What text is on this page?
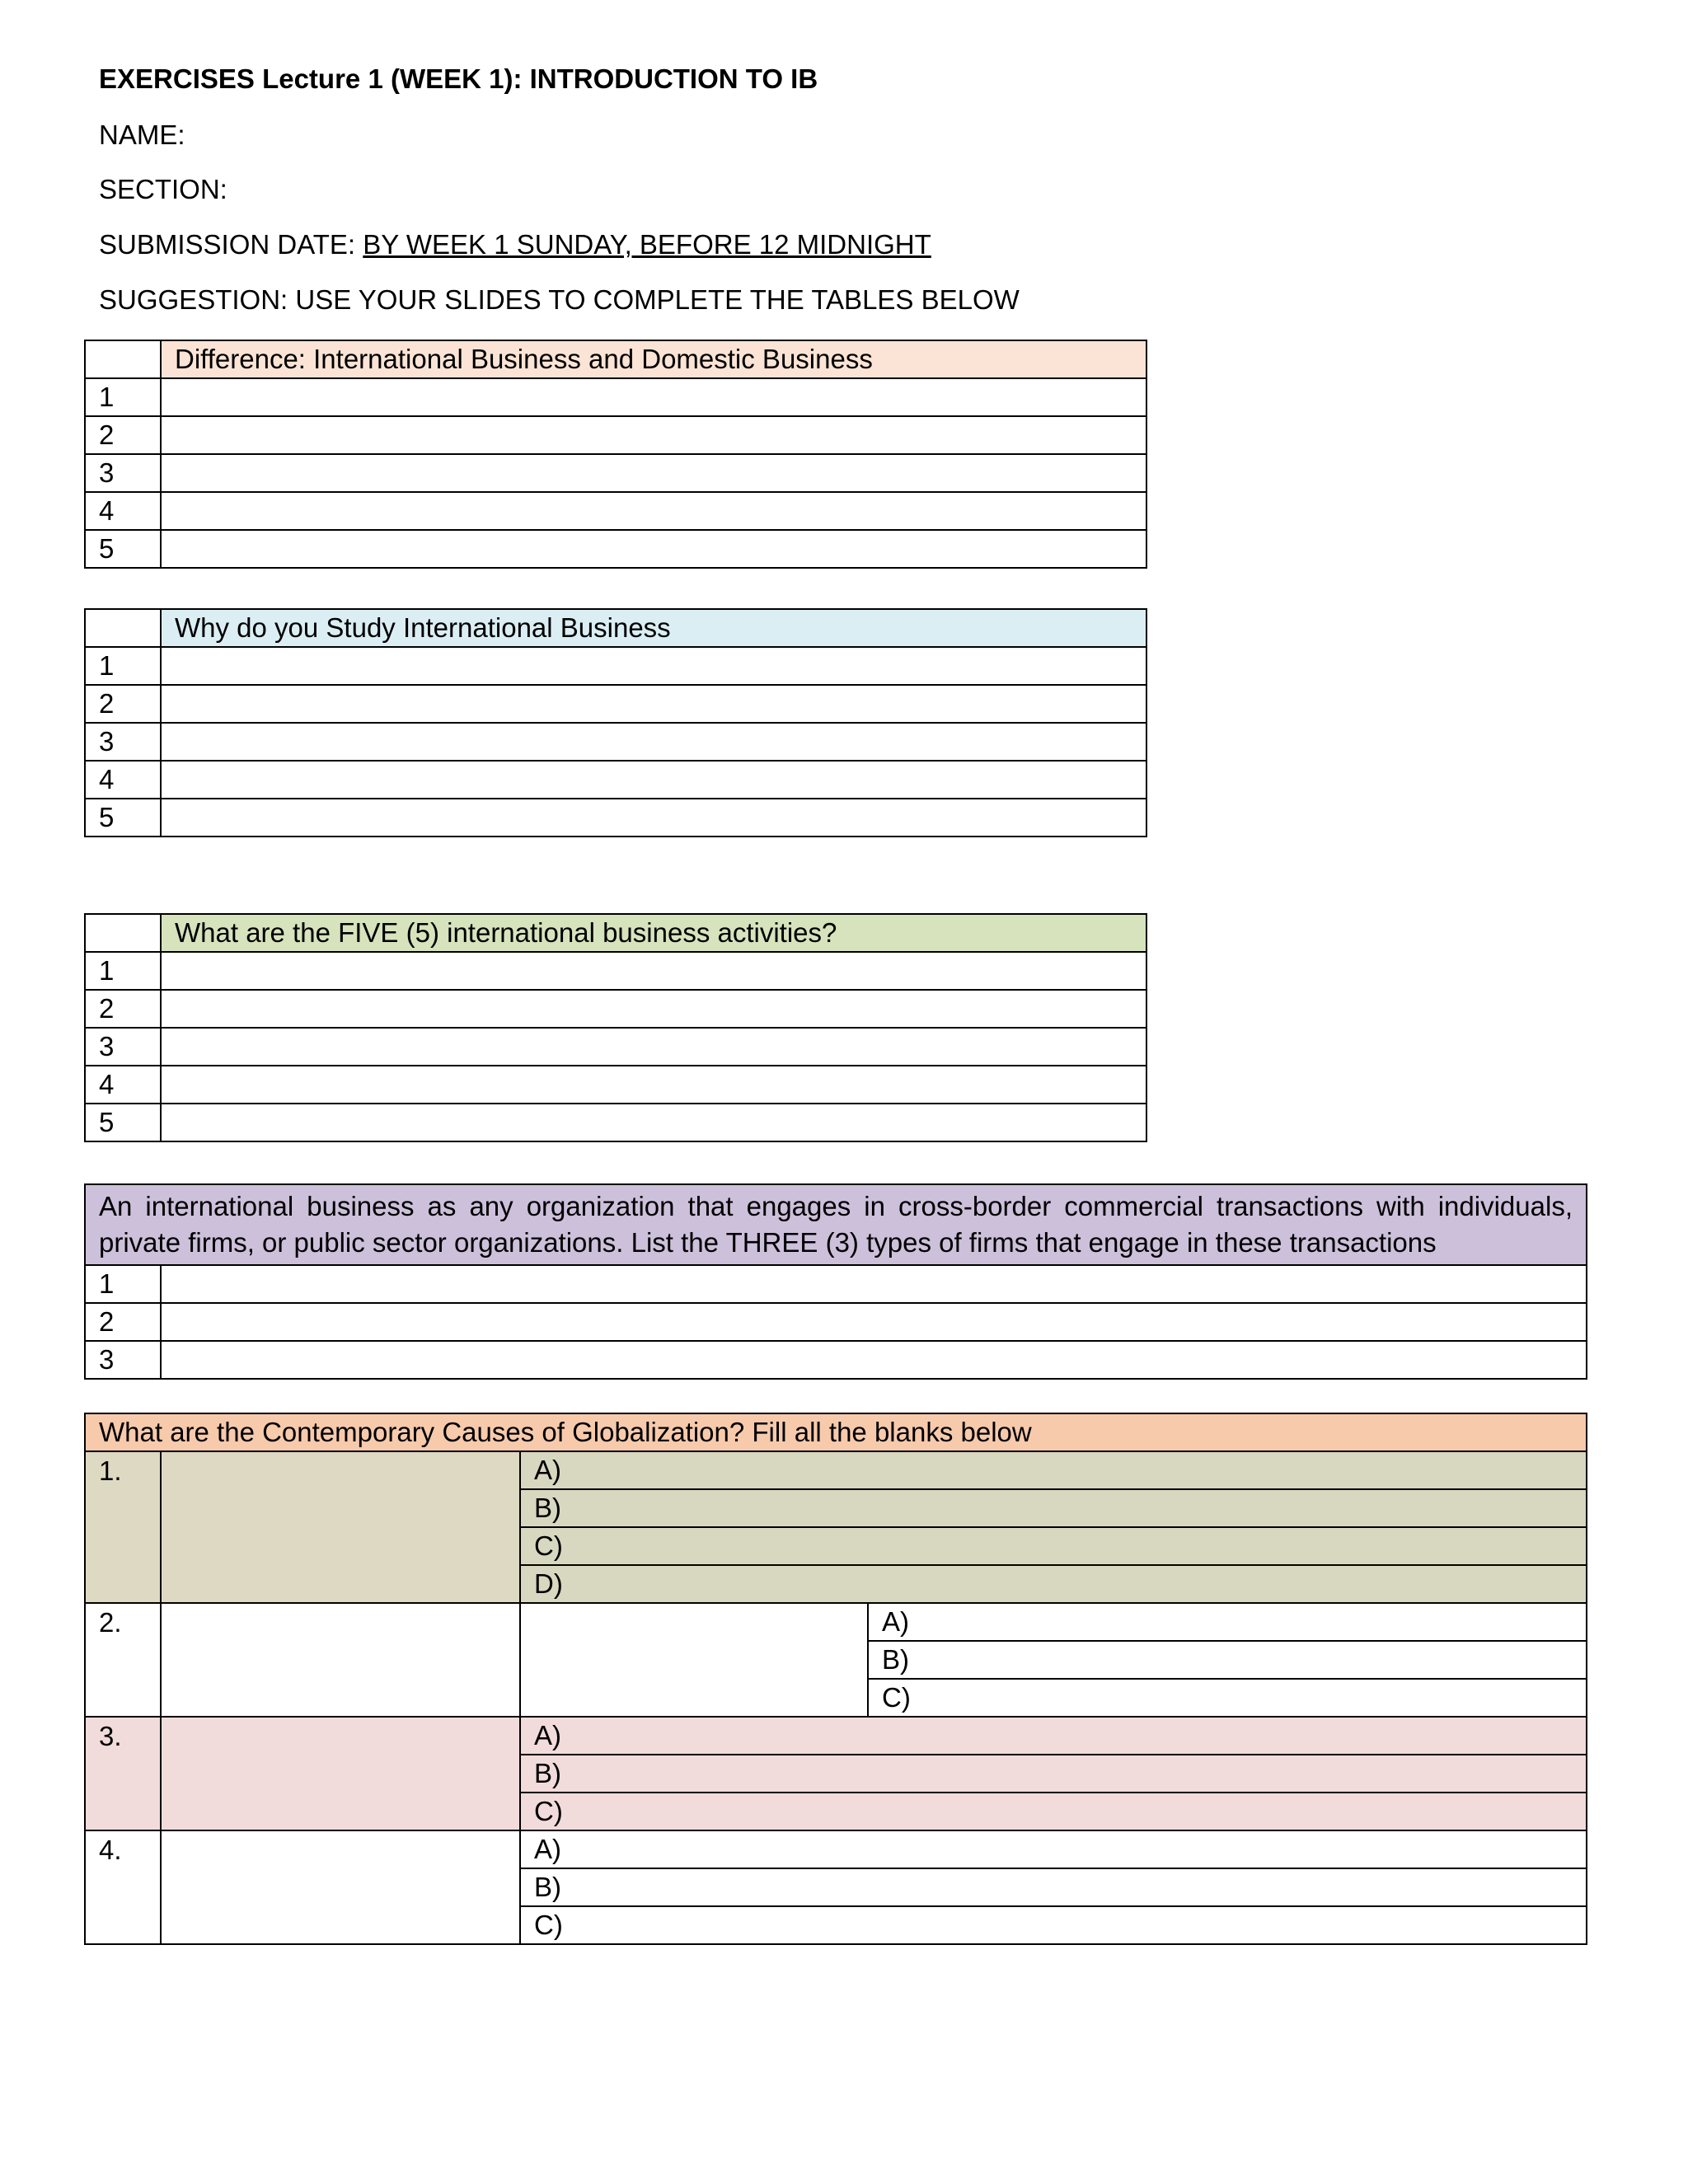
EXERCISES Lecture 1 (WEEK 1): INTRODUCTION TO IB
NAME:
SECTION:
SUBMISSION DATE: BY WEEK 1 SUNDAY, BEFORE 12 MIDNIGHT
SUGGESTION: USE YOUR SLIDES TO COMPLETE THE TABLES BELOW
	Difference: International Business and Domestic Business
1	
2	
3	
4	
5	
	Why do you Study International Business
1	
2	
3	
4	
5	
	What are the FIVE (5) international business activities?
1	
2	
3	
4	
5	
An international business as any organization that engages in cross-border commercial transactions with individuals, private firms, or public sector organizations. List the THREE (3) types of firms that engage in these transactions	
1	
2	
3	
What are the Contemporary Causes of Globalization? Fill all the blanks below			
1.		A)	
		B)	
		C)	
		D)	
2.			A)
			B)
			C)
3.		A)	
		B)	
		C)	
4.		A)	
		B)	
		C)	
